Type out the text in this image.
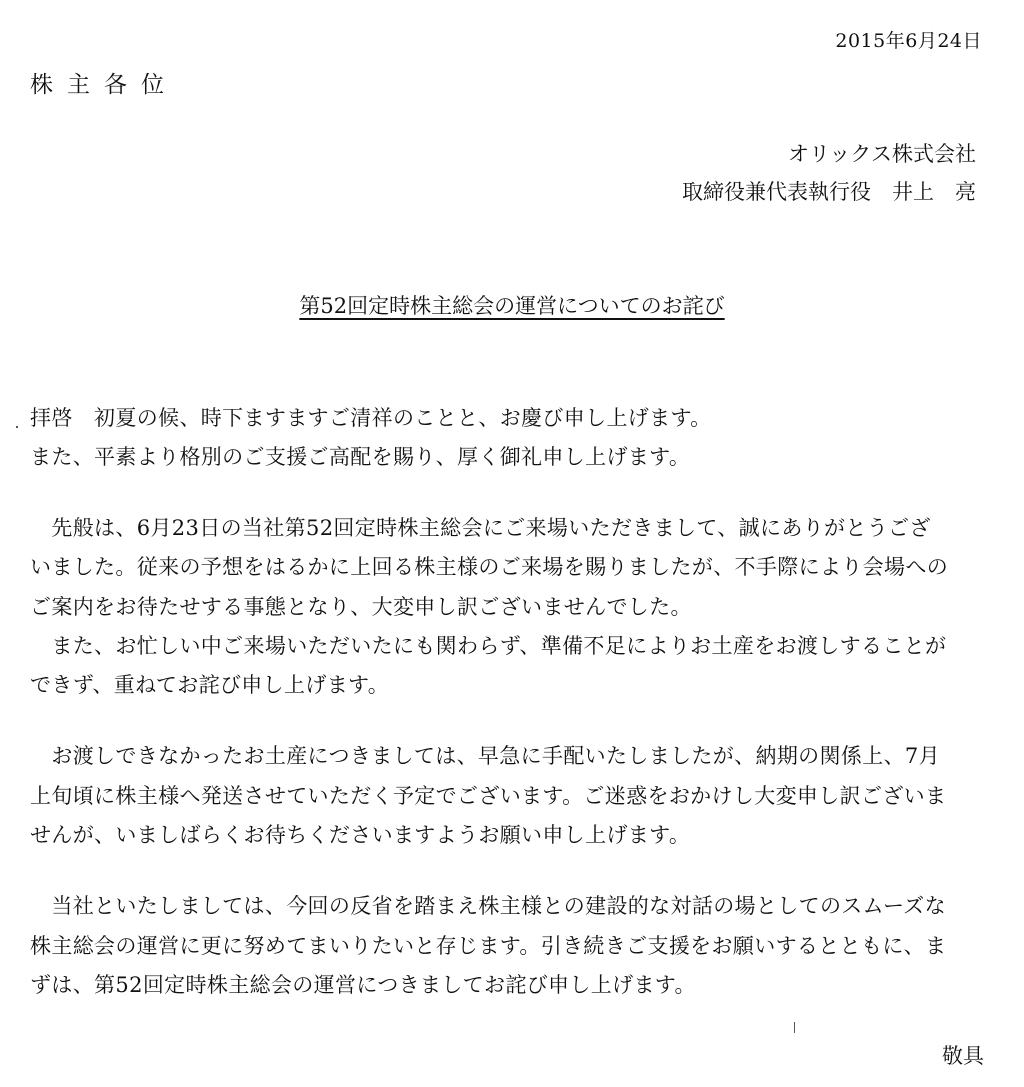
2015年6月24日
株主各位
オリックス株式会社
取締役兼代表執行役　井上　亮
第52回定時株主総会の運営についてのお詫び
拝啓　初夏の候、時下ますますご清祥のことと、お慶び申し上げます。
また、平素より格別のご支援ご高配を賜り、厚く御礼申し上げます。
　先般は、6月23日の当社第52回定時株主総会にご来場いただきまして、誠にありがとうござ
いました。従来の予想をはるかに上回る株主様のご来場を賜りましたが、不手際により会場への
ご案内をお待たせする事態となり、大変申し訳ございませんでした。
　また、お忙しい中ご来場いただいたにも関わらず、準備不足によりお土産をお渡しすることが
できず、重ねてお詫び申し上げます。
　お渡しできなかったお土産につきましては、早急に手配いたしましたが、納期の関係上、7月
上旬頃に株主様へ発送させていただく予定でございます。ご迷惑をおかけし大変申し訳ございま
せんが、いましばらくお待ちくださいますようお願い申し上げます。
　当社といたしましては、今回の反省を踏まえ株主様との建設的な対話の場としてのスムーズな
株主総会の運営に更に努めてまいりたいと存じます。引き続きご支援をお願いするとともに、ま
ずは、第52回定時株主総会の運営につきましてお詫び申し上げます。
敬具
